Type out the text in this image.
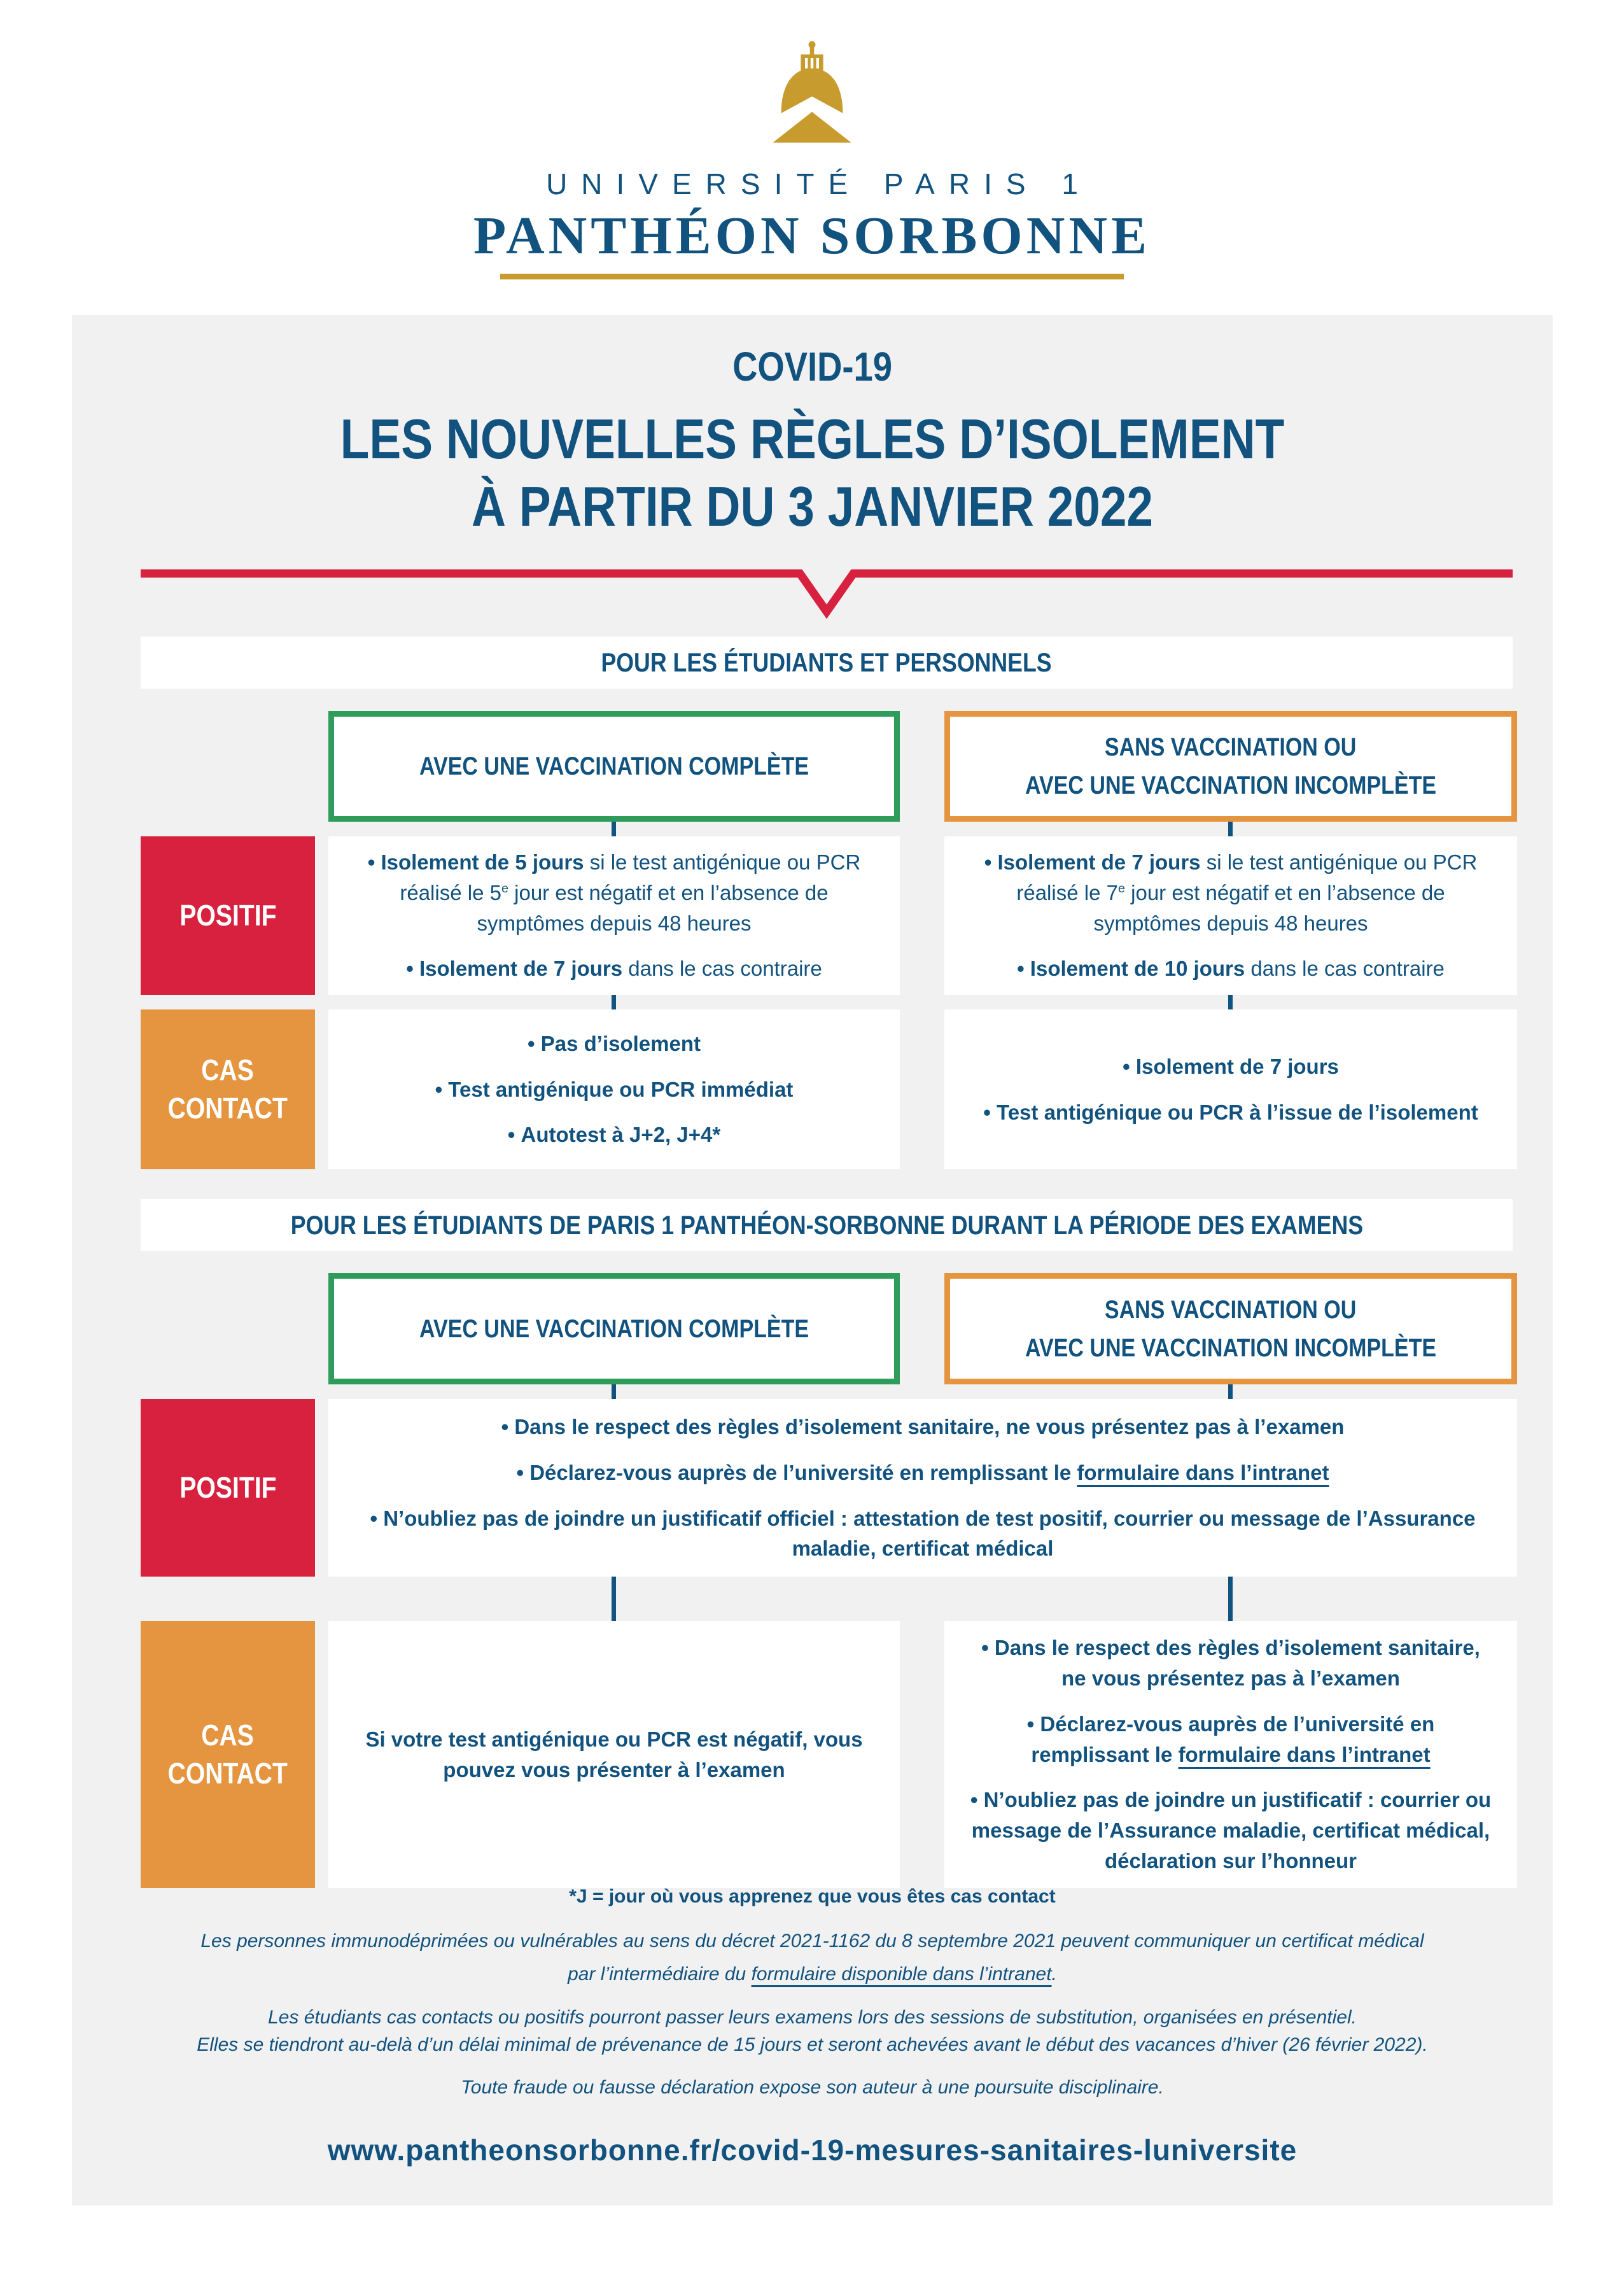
UNIVERSITÉ PARIS 1
PANTHÉON SORBONNE
COVID-19
LES NOUVELLES RÈGLES D’ISOLEMENT
À PARTIR DU 3 JANVIER 2022
POUR LES ÉTUDIANTS ET PERSONNELS
AVEC UNE VACCINATION COMPLÈTE
SANS VACCINATION OU
AVEC UNE VACCINATION INCOMPLÈTE
POSITIF

• Isolement de 5 jours si le test antigénique ou PCR réalisé le 5e jour est négatif et en l’absence de symptômes depuis 48 heures

• Isolement de 7 jours dans le cas contraire

• Isolement de 7 jours si le test antigénique ou PCR réalisé le 7e jour est négatif et en l’absence de symptômes depuis 48 heures

• Isolement de 10 jours dans le cas contraire

CAS
CONTACT

• Pas d’isolement

• Test antigénique ou PCR immédiat

• Autotest à J+2, J+4*

• Isolement de 7 jours

• Test antigénique ou PCR à l’issue de l’isolement

POUR LES ÉTUDIANTS DE PARIS 1 PANTHÉON-SORBONNE DURANT LA PÉRIODE DES EXAMENS
AVEC UNE VACCINATION COMPLÈTE
SANS VACCINATION OU
AVEC UNE VACCINATION INCOMPLÈTE
POSITIF

• Dans le respect des règles d’isolement sanitaire, ne vous présentez pas à l’examen

• Déclarez-vous auprès de l’université en remplissant le formulaire dans l’intranet

• N’oubliez pas de joindre un justificatif officiel : attestation de test positif, courrier ou message de l’Assurance maladie, certificat médical

CAS
CONTACT

Si votre test antigénique ou PCR est négatif, vous pouvez vous présenter à l’examen

• Dans le respect des règles d’isolement sanitaire, ne vous présentez pas à l’examen

• Déclarez-vous auprès de l’université en remplissant le formulaire dans l’intranet

• N’oubliez pas de joindre un justificatif : courrier ou message de l’Assurance maladie, certificat médical, déclaration sur l’honneur

*J = jour où vous apprenez que vous êtes cas contact

Les personnes immunodéprimées ou vulnérables au sens du décret 2021-1162 du 8 septembre 2021 peuvent communiquer un certificat médical

par l’intermédiaire du formulaire disponible dans l’intranet.

Les étudiants cas contacts ou positifs pourront passer leurs examens lors des sessions de substitution, organisées en présentiel.

Elles se tiendront au-delà d’un délai minimal de prévenance de 15 jours et seront achevées avant le début des vacances d’hiver (26 février 2022).

Toute fraude ou fausse déclaration expose son auteur à une poursuite disciplinaire.

www.pantheonsorbonne.fr/covid-19-mesures-sanitaires-luniversite
